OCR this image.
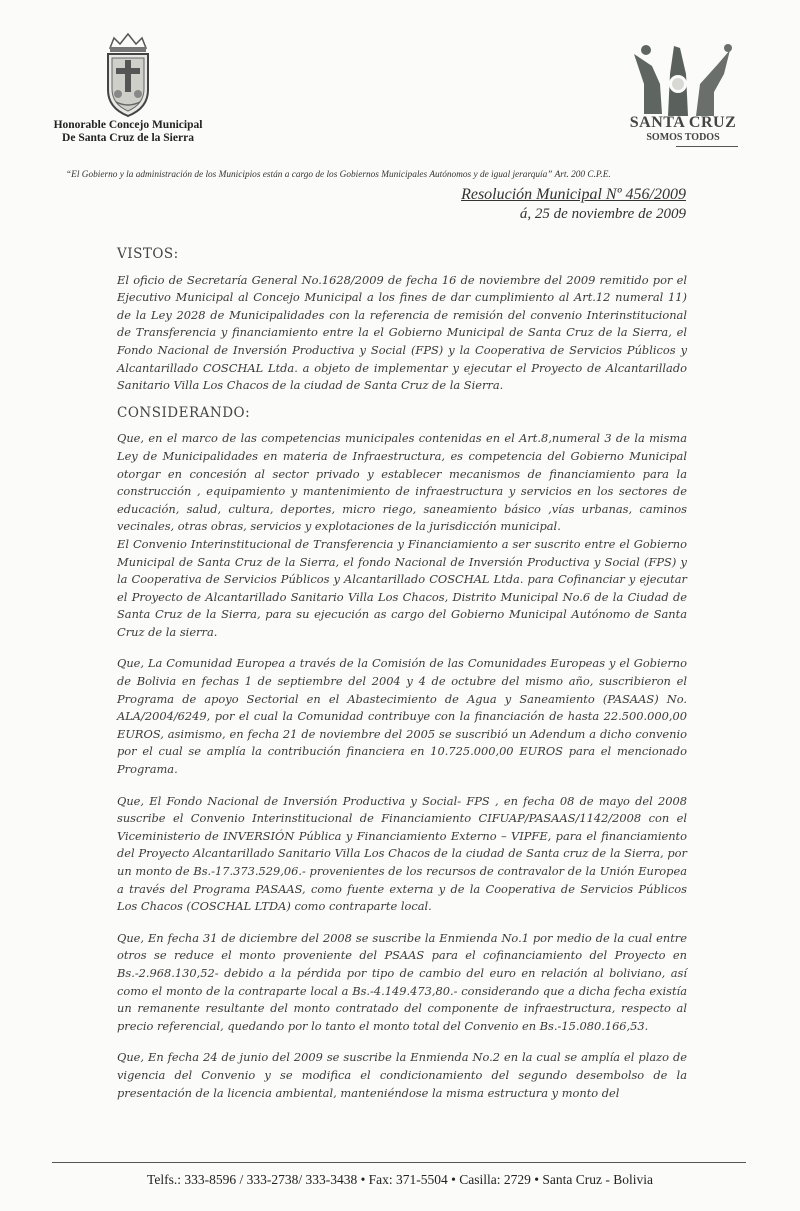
Honorable Concejo Municipal
De Santa Cruz de la Sierra
SANTA CRUZ
SOMOS TODOS
“El Gobierno y la administración de los Municipios están a cargo de los Gobiernos Municipales Autónomos y de igual jerarquía” Art. 200 C.P.E.
Resolución Municipal Nº 456/2009
á, 25 de noviembre de 2009

VISTOS:

El oficio de Secretaría General No.1628/2009 de fecha 16 de noviembre del 2009 remitido por el Ejecutivo Municipal al Concejo Municipal a los fines de dar cumplimiento al Art.12 numeral 11) de la Ley 2028 de Municipalidades con la referencia de remisión del convenio Interinstitucional de Transferencia y financiamiento entre la el Gobierno Municipal de Santa Cruz de la Sierra, el Fondo Nacional de Inversión Productiva y Social (FPS) y la Cooperativa de Servicios Públicos y Alcantarillado COSCHAL Ltda. a objeto de implementar y ejecutar el Proyecto de Alcantarillado Sanitario Villa Los Chacos de la ciudad de Santa Cruz de la Sierra.

CONSIDERANDO:

Que, en el marco de las competencias municipales contenidas en el Art.8,numeral 3 de la misma Ley de Municipalidades en materia de Infraestructura, es competencia del Gobierno Municipal otorgar en concesión al sector privado y establecer mecanismos de financiamiento para la construcción , equipamiento y mantenimiento de infraestructura y servicios en los sectores de educación, salud, cultura, deportes, micro riego, saneamiento básico ,vías urbanas, caminos vecinales, otras obras, servicios y explotaciones de la jurisdicción municipal.

El Convenio Interinstitucional de Transferencia y Financiamiento a ser suscrito entre el Gobierno Municipal de Santa Cruz de la Sierra, el fondo Nacional de Inversión Productiva y Social (FPS) y la Cooperativa de Servicios Públicos y Alcantarillado COSCHAL Ltda. para Cofinanciar y ejecutar el Proyecto de Alcantarillado Sanitario Villa Los Chacos, Distrito Municipal No.6 de la Ciudad de Santa Cruz de la Sierra, para su ejecución as cargo del Gobierno Municipal Autónomo de Santa Cruz de la sierra.

Que, La Comunidad Europea a través de la Comisión de las Comunidades Europeas y el Gobierno de Bolivia en fechas 1 de septiembre del 2004 y 4 de octubre del mismo año, suscribieron el Programa de apoyo Sectorial en el Abastecimiento de Agua y Saneamiento (PASAAS) No. ALA/2004/6249, por el cual la Comunidad contribuye con la financiación de hasta 22.500.000,00 EUROS, asimismo, en fecha 21 de noviembre del 2005 se suscribió un Adendum a dicho convenio por el cual se amplía la contribución financiera en 10.725.000,00 EUROS para el mencionado Programa.

Que, El Fondo Nacional de Inversión Productiva y Social- FPS , en fecha 08 de mayo del 2008 suscribe el Convenio Interinstitucional de Financiamiento CIFUAP/PASAAS/1142/2008 con el Viceministerio de INVERSIÓN Pública y Financiamiento Externo – VIPFE, para el financiamiento del Proyecto Alcantarillado Sanitario Villa Los Chacos de la ciudad de Santa cruz de la Sierra, por un monto de Bs.-17.373.529,06.- provenientes de los recursos de contravalor de la Unión Europea a través del Programa PASAAS, como fuente externa y de la Cooperativa de Servicios Públicos Los Chacos (COSCHAL LTDA) como contraparte local.

Que, En fecha 31 de diciembre del 2008 se suscribe la Enmienda No.1 por medio de la cual entre otros se reduce el monto proveniente del PSAAS para el cofinanciamiento del Proyecto en Bs.-2.968.130,52- debido a la pérdida por tipo de cambio del euro en relación al boliviano, así como el monto de la contraparte local a Bs.-4.149.473,80.- considerando que a dicha fecha existía un remanente resultante del monto contratado del componente de infraestructura, respecto al precio referencial, quedando por lo tanto el monto total del Convenio en Bs.-15.080.166,53.

Que, En fecha 24 de junio del 2009 se suscribe la Enmienda No.2 en la cual se amplía el plazo de vigencia del Convenio y se modifica el condicionamiento del segundo desembolso de la presentación de la licencia ambiental, manteniéndose la misma estructura y monto del

Telfs.: 333-8596 / 333-2738/ 333-3438 • Fax: 371-5504 • Casilla: 2729 • Santa Cruz - Bolivia
